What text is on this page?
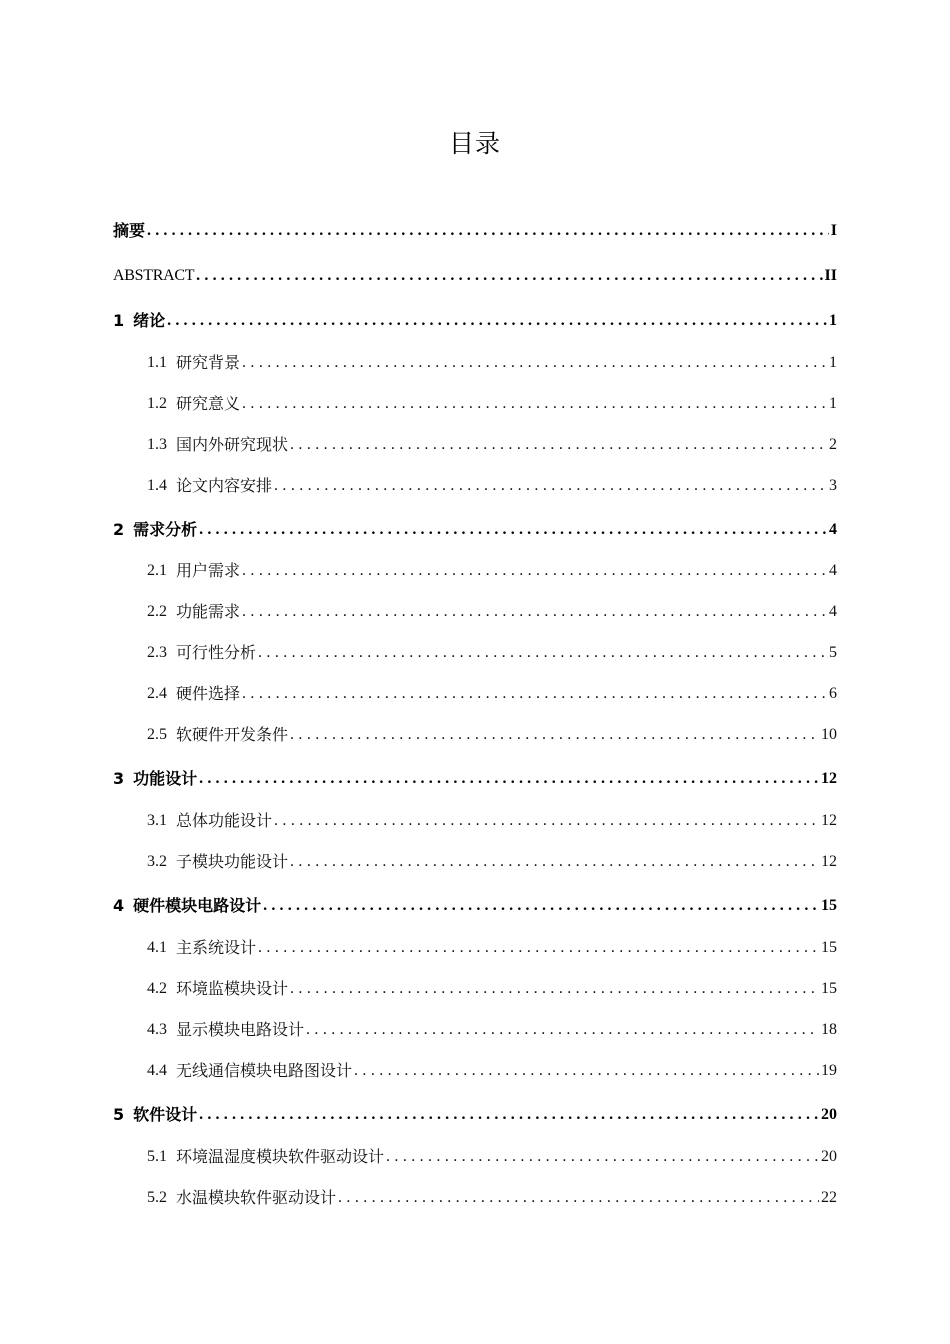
目录
摘要 .....	I
ABSTRACT .....	II
1 绪论 .....	1
1.1 研究背景 .....	1
1.2 研究意义 .....	1
1.3 国内外研究现状 .....	2
1.4 论文内容安排 .....	3
2 需求分析 .....	4
2.1 用户需求 .....	4
2.2 功能需求 .....	4
2.3 可行性分析 .....	5
2.4 硬件选择 .....	6
2.5 软硬件开发条件 .....	10
3 功能设计 .....	12
3.1 总体功能设计 .....	12
3.2 子模块功能设计 .....	12
4 硬件模块电路设计 .....	15
4.1 主系统设计 .....	15
4.2 环境监模块设计 .....	15
4.3 显示模块电路设计 .....	18
4.4 无线通信模块电路图设计 .....	19
5 软件设计 .....	20
5.1 环境温湿度模块软件驱动设计 .....	20
5.2 水温模块软件驱动设计 .....	22
